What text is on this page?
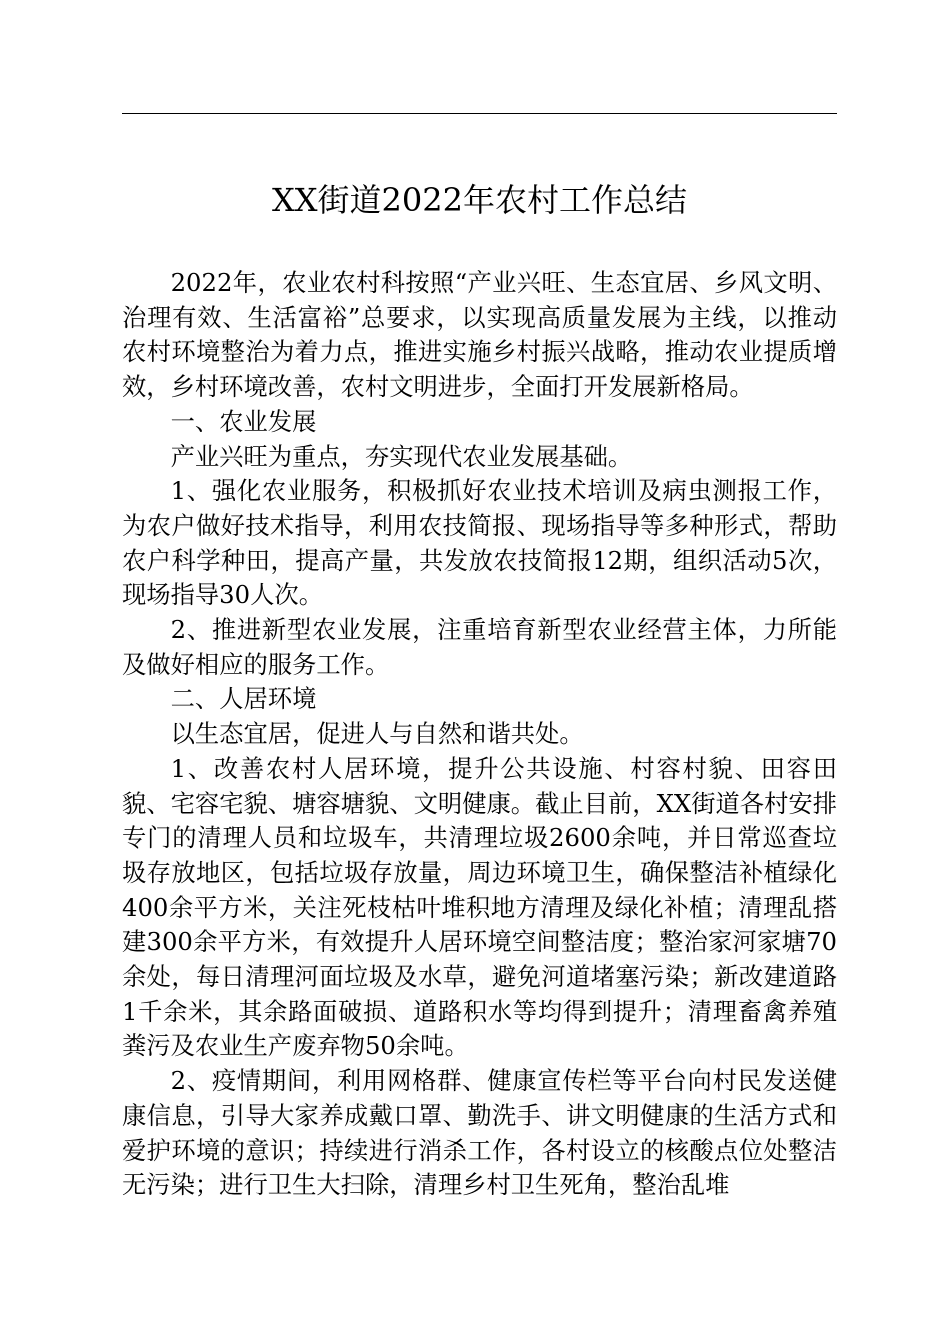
XX街道2022年农村工作总结

2022年，农业农村科按照“产业兴旺、生态宜居、乡风文明、治理有效、生活富裕”总要求，以实现高质量发展为主线，以推动农村环境整治为着力点，推进实施乡村振兴战略，推动农业提质增效，乡村环境改善，农村文明进步，全面打开发展新格局。

一、农业发展

产业兴旺为重点，夯实现代农业发展基础。

1、强化农业服务，积极抓好农业技术培训及病虫测报工作，为农户做好技术指导，利用农技简报、现场指导等多种形式，帮助农户科学种田，提高产量，共发放农技简报12期，组织活动5次，现场指导30人次。

2、推进新型农业发展，注重培育新型农业经营主体，力所能及做好相应的服务工作。

二、人居环境

以生态宜居，促进人与自然和谐共处。

1、改善农村人居环境，提升公共设施、村容村貌、田容田貌、宅容宅貌、塘容塘貌、文明健康。截止目前，XX街道各村安排专门的清理人员和垃圾车，共清理垃圾2600余吨，并日常巡查垃圾存放地区，包括垃圾存放量，周边环境卫生，确保整洁补植绿化400余平方米，关注死枝枯叶堆积地方清理及绿化补植；清理乱搭建300余平方米，有效提升人居环境空间整洁度；整治家河家塘70余处，每日清理河面垃圾及水草，避免河道堵塞污染；新改建道路1千余米，其余路面破损、道路积水等均得到提升；清理畜禽养殖粪污及农业生产废弃物50余吨。

2、疫情期间，利用网格群、健康宣传栏等平台向村民发送健康信息，引导大家养成戴口罩、勤洗手、讲文明健康的生活方式和爱护环境的意识；持续进行消杀工作，各村设立的核酸点位处整洁无污染；进行卫生大扫除，清理乡村卫生死角，整治乱堆
